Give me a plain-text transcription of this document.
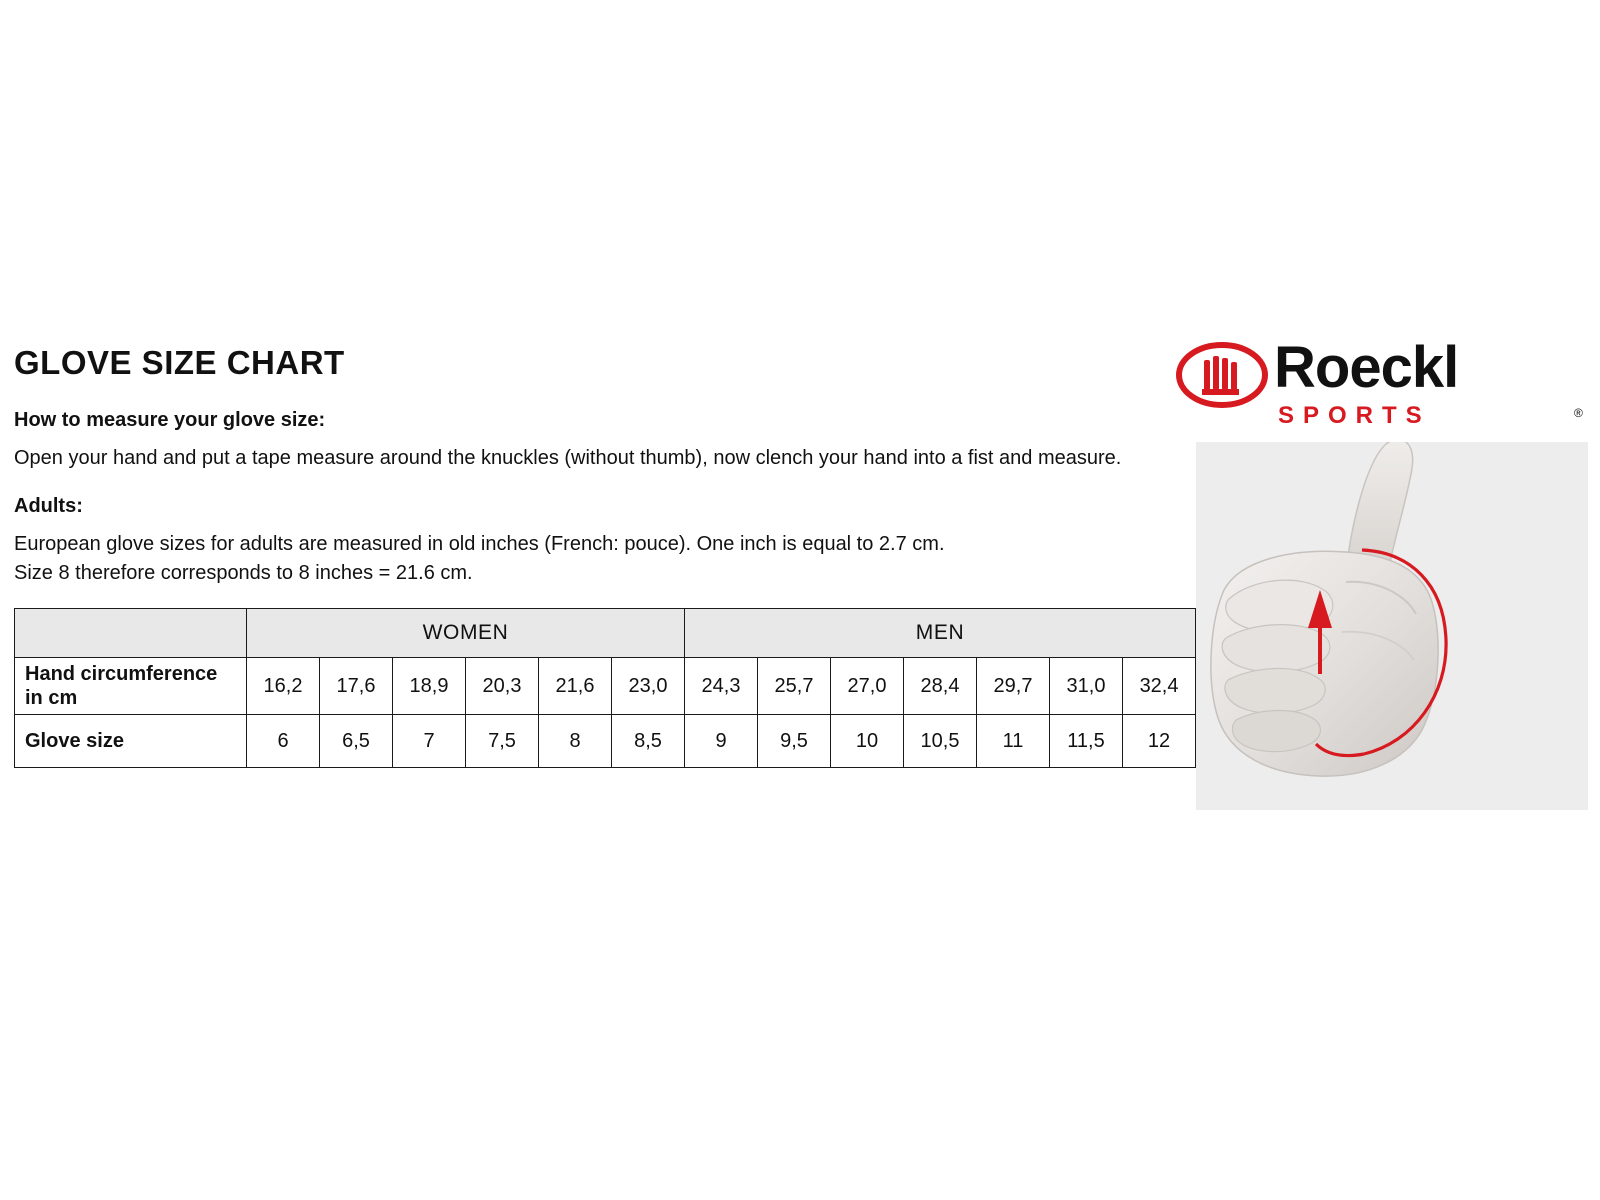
GLOVE SIZE CHART

How to measure your glove size:

Open your hand and put a tape measure around the knuckles (without thumb), now clench your hand into a fist and measure.

Adults:

European glove sizes for adults are measured in old inches (French: pouce). One inch is equal to 2.7 cm.

Size 8 therefore corresponds to 8 inches = 21.6 cm.

	WOMEN						MEN						
Hand circumference in cm	16,2	17,6	18,9	20,3	21,6	23,0	24,3	25,7	27,0	28,4	29,7	31,0	32,4
Glove size	6	6,5	7	7,5	8	8,5	9	9,5	10	10,5	11	11,5	12
Roeckl
SPORTS	®
